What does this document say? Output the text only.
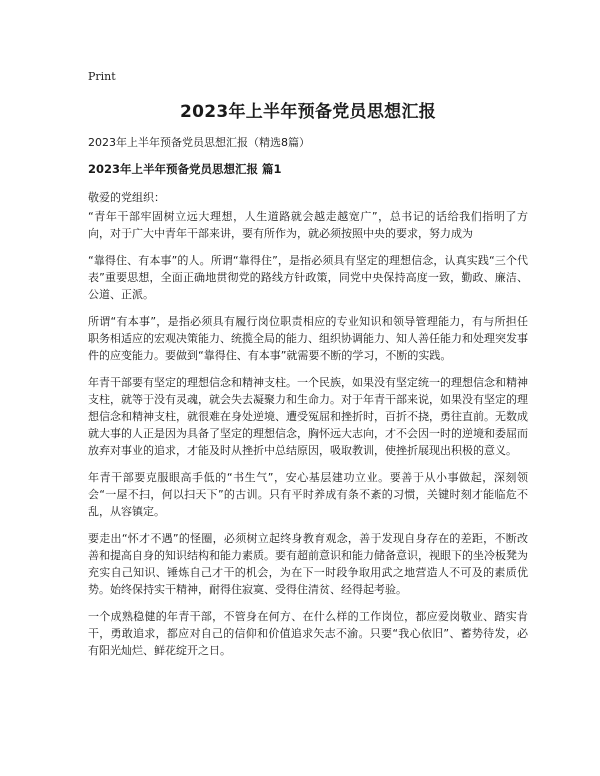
Print
2023年上半年预备党员思想汇报
2023年上半年预备党员思想汇报（精选8篇）
2023年上半年预备党员思想汇报 篇1
敬爱的党组织：

“青年干部牢固树立远大理想，人生道路就会越走越宽广”，总书记的话给我们指明了方向，对于广大中青年干部来讲，要有所作为，就必须按照中央的要求，努力成为

“靠得住、有本事”的人。所谓“靠得住”，是指必须具有坚定的理想信念，认真实践“三个代表”重要思想，全面正确地贯彻党的路线方针政策，同党中央保持高度一致，勤政、廉洁、公道、正派。

所谓“有本事”，是指必须具有履行岗位职责相应的专业知识和领导管理能力，有与所担任职务相适应的宏观决策能力、统揽全局的能力、组织协调能力、知人善任能力和处理突发事件的应变能力。要做到“靠得住、有本事”就需要不断的学习，不断的实践。

年青干部要有坚定的理想信念和精神支柱。一个民族，如果没有坚定统一的理想信念和精神支柱，就等于没有灵魂，就会失去凝聚力和生命力。对于年青干部来说，如果没有坚定的理想信念和精神支柱，就很难在身处逆境、遭受冤屈和挫折时，百折不挠，勇往直前。无数成就大事的人正是因为具备了坚定的理想信念，胸怀远大志向，才不会因一时的逆境和委屈而放弃对事业的追求，才能及时从挫折中总结原因，吸取教训，使挫折展现出积极的意义。

年青干部要克服眼高手低的“书生气”，安心基层建功立业。要善于从小事做起，深刻领会“一屋不扫，何以扫天下”的古训。只有平时养成有条不紊的习惯，关键时刻才能临危不乱，从容镇定。

要走出“怀才不遇”的怪圈，必须树立起终身教育观念，善于发现自身存在的差距，不断改善和提高自身的知识结构和能力素质。要有超前意识和能力储备意识，视眼下的坐冷板凳为充实自己知识、锤炼自己才干的机会，为在下一时段争取用武之地营造人不可及的素质优势。始终保持实干精神，耐得住寂寞、受得住清贫、经得起考验。

一个成熟稳健的年青干部，不管身在何方、在什么样的工作岗位，都应爱岗敬业、踏实肯干，勇敢追求，都应对自己的信仰和价值追求矢志不渝。只要“我心依旧”、蓄势待发，必有阳光灿烂、鲜花绽开之日。
